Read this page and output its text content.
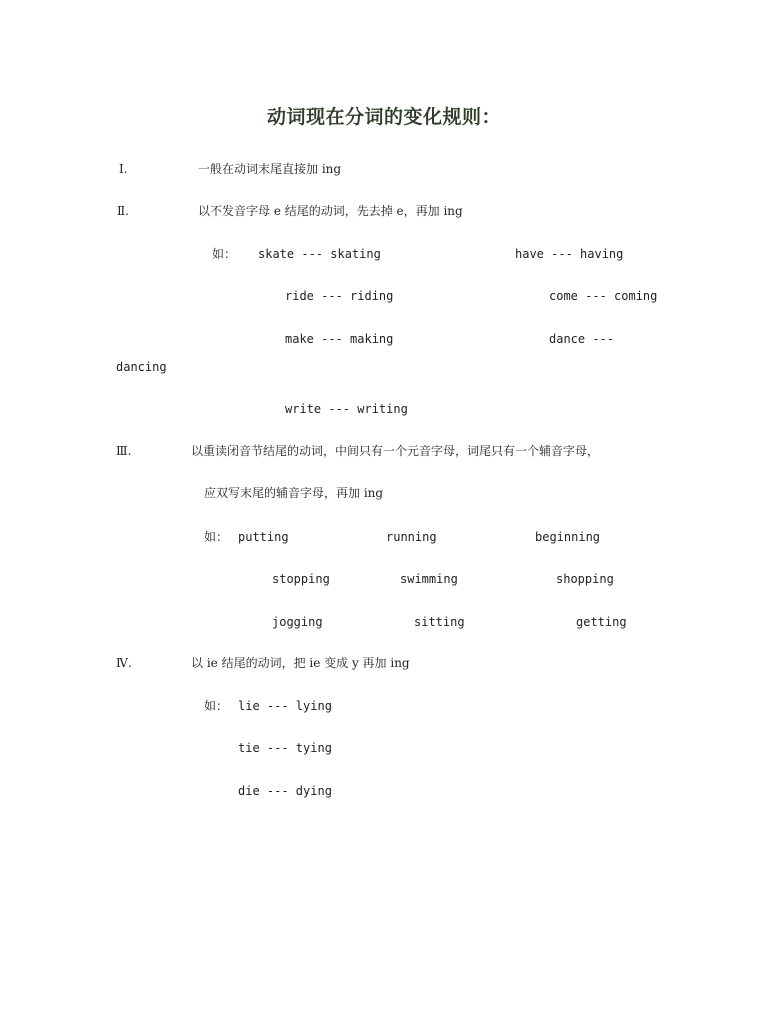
动词现在分词的变化规则：
Ⅰ.	一般在动词末尾直接加 ing
Ⅱ.	以不发音字母 e 结尾的动词，先去掉 e，再加 ing
如： skate --- skating	have --- having
ride --- riding	come --- coming
make --- making	dance ---
dancing
write --- writing
Ⅲ.	以重读闭音节结尾的动词，中间只有一个元音字母，词尾只有一个辅音字母，
应双写末尾的辅音字母，再加 ing
如： putting	running	beginning
stopping	swimming	shopping
jogging	sitting	getting
Ⅳ.	以 ie 结尾的动词，把 ie 变成 y 再加 ing
如： lie --- lying
tie --- tying
die --- dying
